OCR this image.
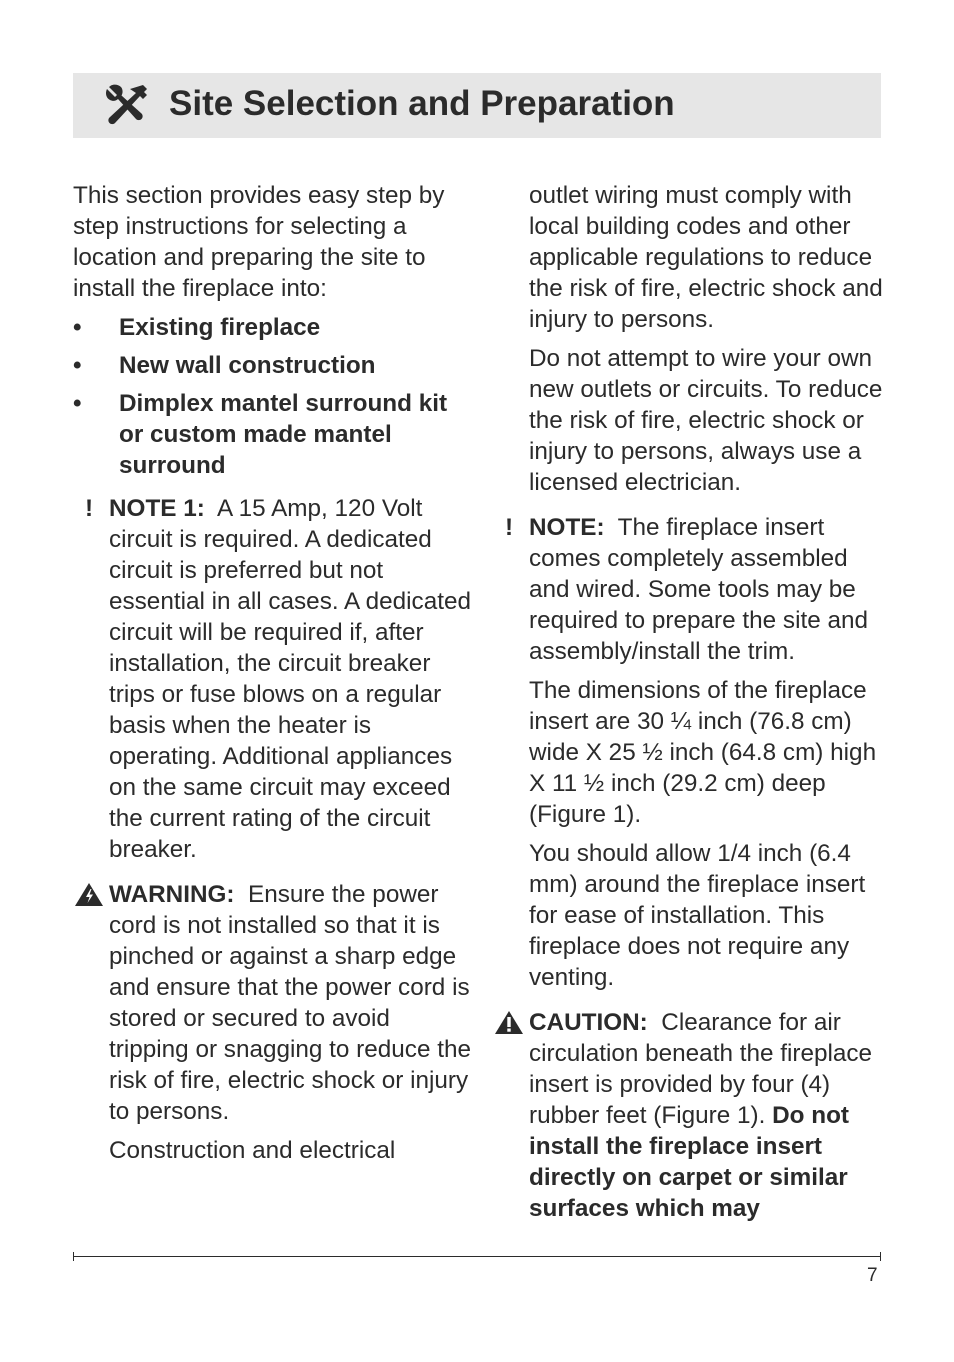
Site Selection and Preparation

This section provides easy step by step instructions for selecting a location and preparing the site to install the fireplace into:

• Existing fireplace
• New wall construction
• Dimplex mantel surround kit or custom made mantel surround
! NOTE 1: A 15 Amp, 120 Volt circuit is required. A dedicated circuit is preferred but not essential in all cases. A dedicated circuit will be required if, after installation, the circuit breaker trips or fuse blows on a regular basis when the heater is operating. Additional appliances on the same circuit may exceed the current rating of the circuit breaker.

WARNING: Ensure the power cord is not installed so that it is pinched or against a sharp edge and ensure that the power cord is stored or secured to avoid tripping or snagging to reduce the risk of fire, electric shock or injury to persons.

Construction and electrical

outlet wiring must comply with local building codes and other applicable regulations to reduce the risk of fire, electric shock and injury to persons.

Do not attempt to wire your own new outlets or circuits. To reduce the risk of fire, electric shock or injury to persons, always use a licensed electrician.

! NOTE: The fireplace insert comes completely assembled and wired. Some tools may be required to prepare the site and assembly/install the trim.

The dimensions of the fireplace insert are 30 ¼ inch (76.8 cm) wide X 25 ½ inch (64.8 cm) high X 11 ½ inch (29.2 cm) deep (Figure 1).

You should allow 1/4 inch (6.4 mm) around the fireplace insert for ease of installation. This fireplace does not require any venting.

CAUTION: Clearance for air circulation beneath the fireplace insert is provided by four (4) rubber feet (Figure 1). Do not install the fireplace insert directly on carpet or similar surfaces which may

7
